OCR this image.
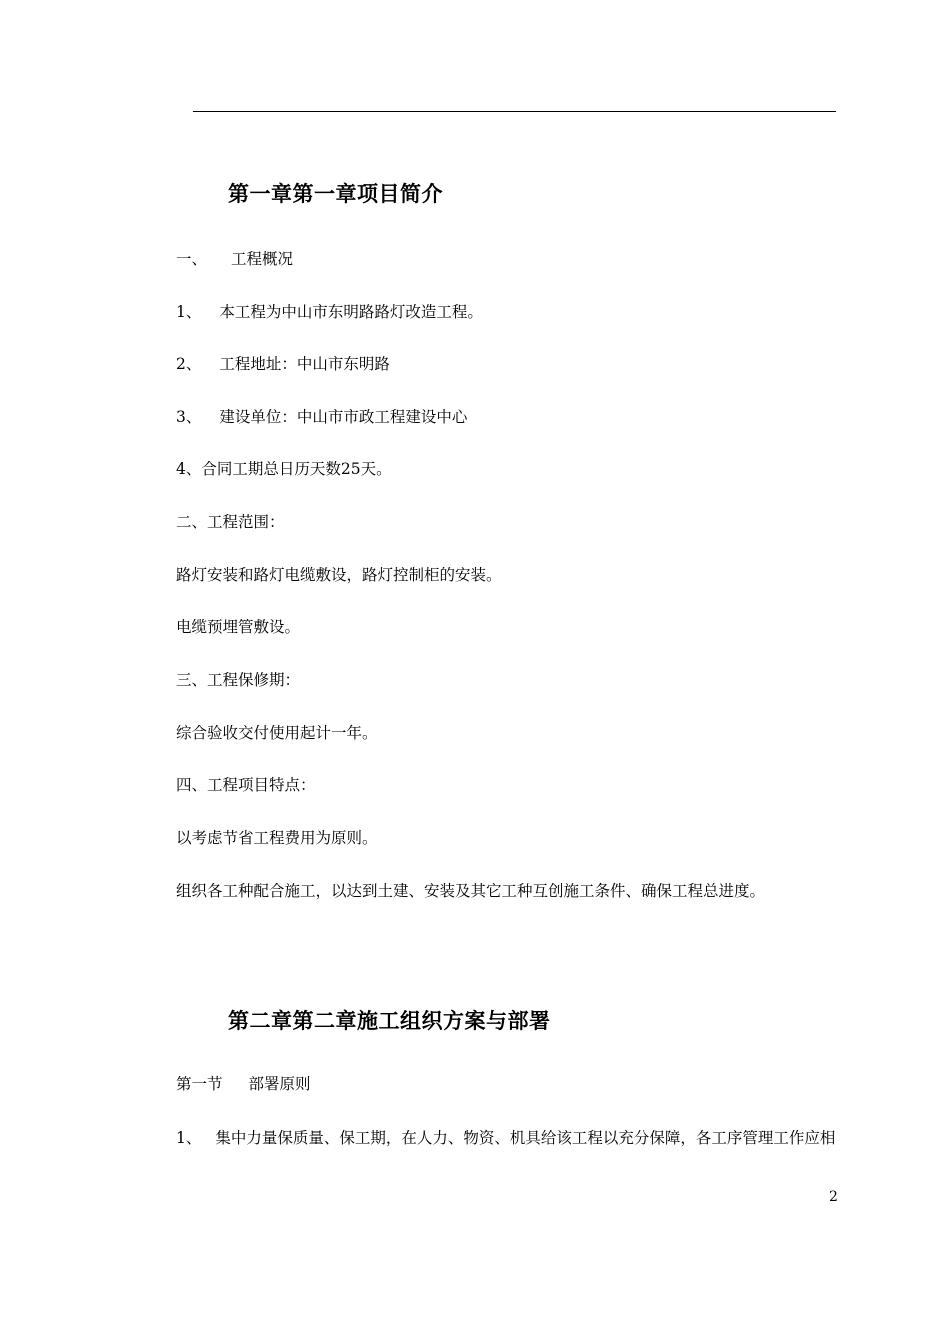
第一章第一章项目简介
一、 工程概况
1、 本工程为中山市东明路路灯改造工程。
2、 工程地址：中山市东明路
3、 建设单位：中山市市政工程建设中心
4、合同工期总日历天数25天。
二、工程范围：
路灯安装和路灯电缆敷设，路灯控制柜的安装。
电缆预埋管敷设。
三、工程保修期：
综合验收交付使用起计一年。
四、工程项目特点：
以考虑节省工程费用为原则。
组织各工种配合施工，以达到土建、安装及其它工种互创施工条件、确保工程总进度。
第二章第二章施工组织方案与部署
第一节 部署原则
1、 集中力量保质量、保工期，在人力、物资、机具给该工程以充分保障，各工序管理工作应相
2
